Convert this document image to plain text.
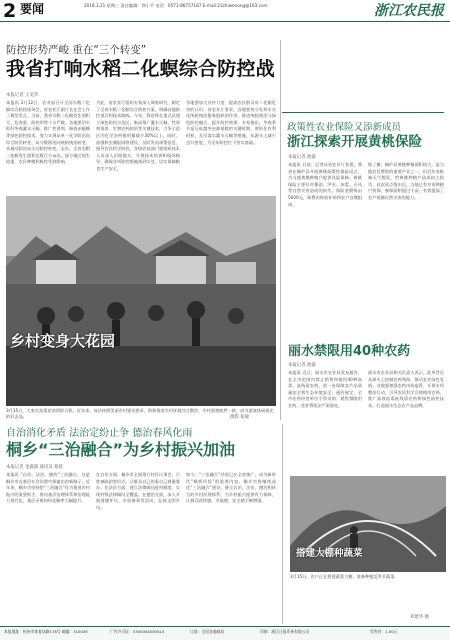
2 要闻	2018.3.21 星期三 责任编辑：徐小平 电话：0571-86757187 E-mail:21zhiwenong@163.com	浙江农民报
防控形势严峻 重在“三个转变”
我省打响水稻二化螟综合防控战
本报记者 王美华
本报讯 3月12日，农业部召开全国水稻二化螟综合防控现场会，省农业厅副厅长在会上作了典型发言。当前，我省水稻二化螟发生面积大、危害重，防控形势十分严峻。各地要切实抓好冬春灌水灭蛹、推广性诱剂、释放赤眼蜂等绿色防控技术，努力实现从单一化学防治向综合防治转变、从分散防治向统防统治转变、从被动防治向主动防控转变。去年，全省水稻二化螟发生面积达数百万亩次，部分地区损失较重，农民种粮积极性受到影响。
为此，省农业厅组织专家深入调查研究，制定了全省水稻二化螟综合防控方案，明确各地防控重点和技术路线。今年，我省将在重点县建立绿色防控示范区，集成推广灌水灭蛹、性诱剂诱杀、生物农药防治等关键技术，力争示范区内化学农药使用量减少30%以上。同时，加强病虫测报网络建设，及时发布预警信息，指导农民科学防控。各级农技部门要组织技术人员深入田间地头，开展技术培训和现场指导，确保各项防控措施落到实处，切实保障粮食生产安全。
各地要加大宣传力度，提高农民群众对二化螟危害的认识。省农业厅要求，各地要充分发挥专业化统防统治服务组织的作用，推进统防统治与绿色防控融合，提升防控效果。专家指出，冬春季节是压低越冬虫源基数的关键时期，要抓住有利时机，及早落实灌水灭蛹等措施，从源头上减少虫口密度，为全年防控打下坚实基础。
乡村变身大花园
3月15日，大家在油菜花前留影合影。近年来，该县按照美丽乡村建设要求，积极推进乡村环境综合整治，乡村面貌焕然一新，成为游客休闲观光的好去处。	摄影 张敏
政策性农业保险又添新成员
浙江探索开展黄桃保险
本报记者 俞露
本报讯 日前，记者从省农业厅获悉，我省在桐庐县开展黄桃政策性保险试点，为当地黄桃种植户提供风险保障。黄桃保险主要针对暴雨、洪水、冰雹、台风等自然灾害造成的损失，保险金额每亩5000元，保费由财政补贴和农户自缴组成。
据了解，桐庐县黄桃种植面积较大，是当地农民增收的重要产业之一。但近年来极端天气频发，给黄桃种植户造成较大损失。此次试点推出后，当地已有多家种植户投保，参保面积超过千亩，有效提高了农户抵御自然灾害的能力。
丽水禁限用40种农药
本报记者 俞露
本报讯 近日，丽水市农业局发布通告，在全市范围内禁止销售和使用40种高毒、高残留农药，进一步保障农产品质量安全和生态环境安全。通告规定，全市农药经营单位不得采购、销售禁限用农药，违者将依法严肃查处。
丽水市农业局相关负责人表示，此举旨在从源头上控制农药残留，推动农业绿色发展。各地要加强农药市场监管，开展专项整治行动，引导农民科学合理使用农药，推广高效低毒低残留农药和绿色防控技术，打造丽水生态农产品品牌。
搭建大棚种蔬菜
3月15日，农户正在搭建蔬菜大棚，准备种植反季节蔬菜。
邓建华 摄
自治消化矛盾 法治定纷止争 德治春风化雨
桐乡“三治融合”为乡村振兴加油
本报记者 金露露 通讯员 蔡晨
本报讯 “自治、法治、德治”三治融合，这是桐乡市在基层社会治理中探索出的新路子。近年来，桐乡市坚持把“三治融合”作为推进乡村振兴的重要抓手，推动基层治理体系和治理能力现代化，基层矛盾纠纷化解率大幅提升。
在自治方面，桐乡市全面推行村民议事会、百姓参政团等形式，让群众自己的事自己商量着办。在法治方面，建立法律顾问进村制度，实现村级法律顾问全覆盖。在德治方面，深入开展道德评议、乡贤参事等活动，弘扬文明乡风。
如今，“三治融合”经验已在全省推广，成为新时代“枫桥经验”的重要内容。桐乡市将继续深化“三治融合”建设，健全自治、法治、德治相结合的乡村治理体系，为乡村振兴提供有力保障，让群众获得感、幸福感、安全感不断增强。
本报地址：杭州市体育场路178号 邮编：310039	广告许可证：3300004000010	订阅：全国各地邮局	印刷：浙江日报印务有限公司	零售价：1.00元
